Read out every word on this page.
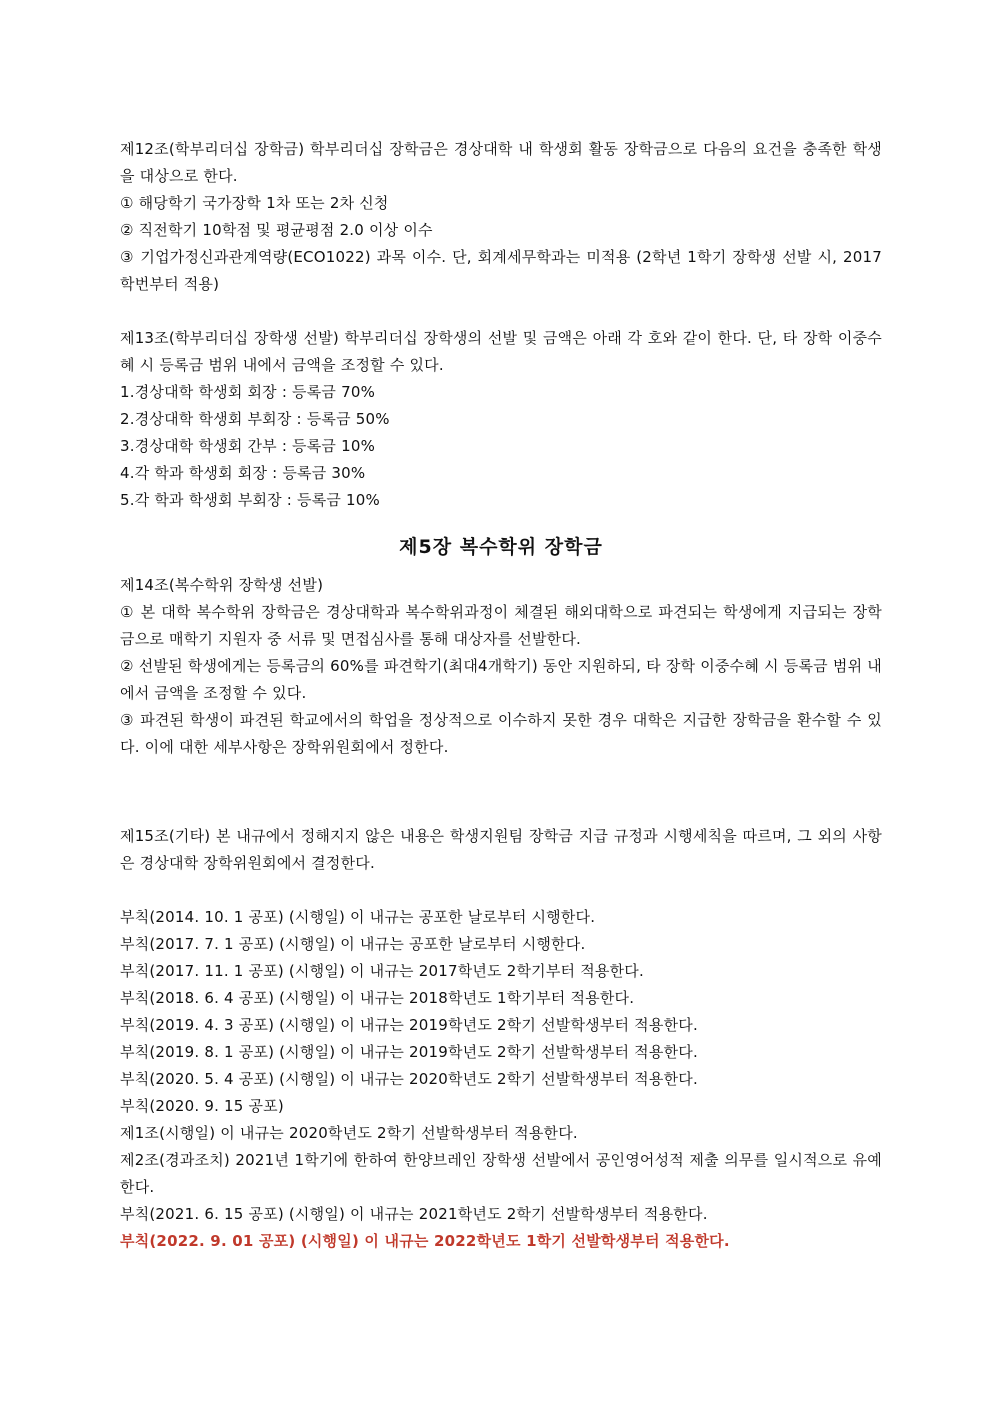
제12조(학부리더십 장학금) 학부리더십 장학금은 경상대학 내 학생회 활동 장학금으로 다음의 요건을 충족한 학생을 대상으로 한다.

① 해당학기 국가장학 1차 또는 2차 신청

② 직전학기 10학점 및 평균평점 2.0 이상 이수

③ 기업가정신과관계역량(ECO1022) 과목 이수. 단, 회계세무학과는 미적용 (2학년 1학기 장학생 선발 시, 2017학번부터 적용)

제13조(학부리더십 장학생 선발) 학부리더십 장학생의 선발 및 금액은 아래 각 호와 같이 한다. 단, 타 장학 이중수혜 시 등록금 범위 내에서 금액을 조정할 수 있다.

1.경상대학 학생회 회장 : 등록금 70%

2.경상대학 학생회 부회장 : 등록금 50%

3.경상대학 학생회 간부 : 등록금 10%

4.각 학과 학생회 회장 : 등록금 30%

5.각 학과 학생회 부회장 : 등록금 10%

제5장 복수학위 장학금

제14조(복수학위 장학생 선발)

① 본 대학 복수학위 장학금은 경상대학과 복수학위과정이 체결된 해외대학으로 파견되는 학생에게 지급되는 장학금으로 매학기 지원자 중 서류 및 면접심사를 통해 대상자를 선발한다.

② 선발된 학생에게는 등록금의 60%를 파견학기(최대4개학기) 동안 지원하되, 타 장학 이중수혜 시 등록금 범위 내에서 금액을 조정할 수 있다.

③ 파견된 학생이 파견된 학교에서의 학업을 정상적으로 이수하지 못한 경우 대학은 지급한 장학금을 환수할 수 있다. 이에 대한 세부사항은 장학위원회에서 정한다.

제15조(기타) 본 내규에서 정해지지 않은 내용은 학생지원팀 장학금 지급 규정과 시행세칙을 따르며, 그 외의 사항은 경상대학 장학위원회에서 결정한다.

부칙(2014. 10. 1 공포) (시행일) 이 내규는 공포한 날로부터 시행한다.

부칙(2017. 7. 1 공포) (시행일) 이 내규는 공포한 날로부터 시행한다.

부칙(2017. 11. 1 공포) (시행일) 이 내규는 2017학년도 2학기부터 적용한다.

부칙(2018. 6. 4 공포) (시행일) 이 내규는 2018학년도 1학기부터 적용한다.

부칙(2019. 4. 3 공포) (시행일) 이 내규는 2019학년도 2학기 선발학생부터 적용한다.

부칙(2019. 8. 1 공포) (시행일) 이 내규는 2019학년도 2학기 선발학생부터 적용한다.

부칙(2020. 5. 4 공포) (시행일) 이 내규는 2020학년도 2학기 선발학생부터 적용한다.

부칙(2020. 9. 15 공포)

제1조(시행일) 이 내규는 2020학년도 2학기 선발학생부터 적용한다.

제2조(경과조치) 2021년 1학기에 한하여 한양브레인 장학생 선발에서 공인영어성적 제출 의무를 일시적으로 유예한다.

부칙(2021. 6. 15 공포) (시행일) 이 내규는 2021학년도 2학기 선발학생부터 적용한다.

부칙(2022. 9. 01 공포) (시행일) 이 내규는 2022학년도 1학기 선발학생부터 적용한다.
